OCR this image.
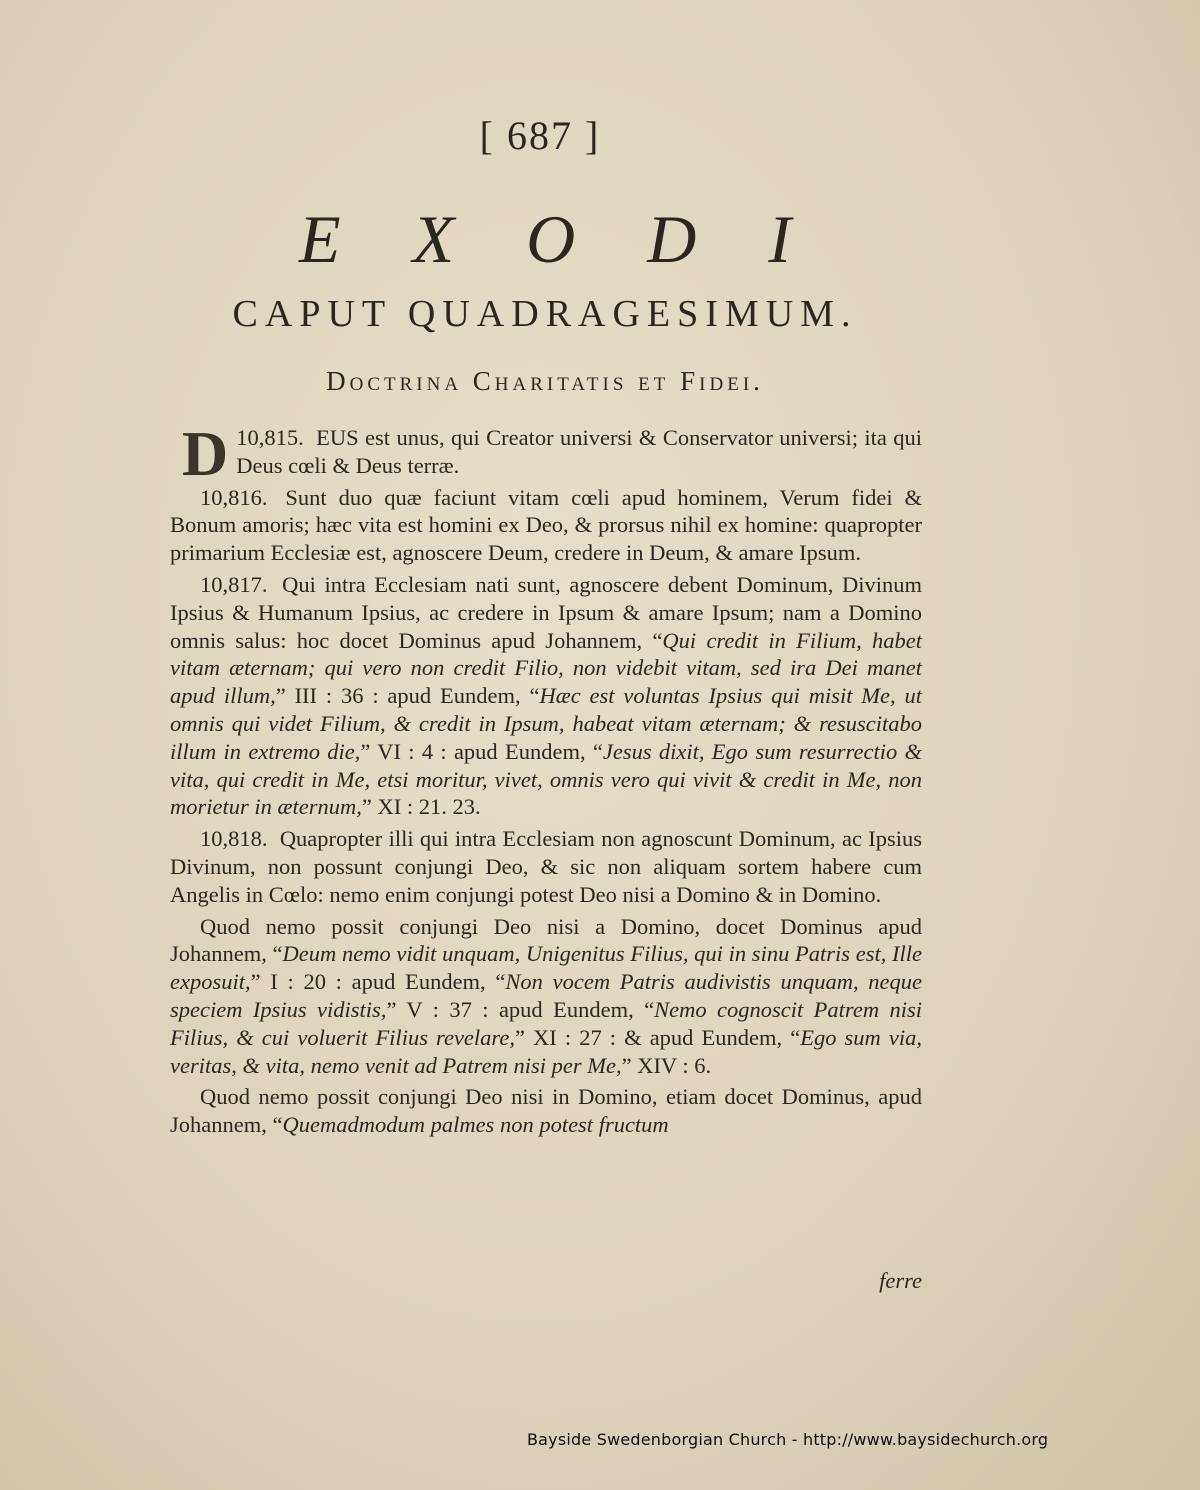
[ 687 ]
EXODI
CAPUT QUADRAGESIMUM.
Doctrina Charitatis et Fidei.

10,815.
D	EUS est unus, qui Creator universi & Conservator universi; ita qui Deus cœli & Deus terræ.

10,816. Sunt duo quæ faciunt vitam cœli apud hominem, Verum fidei & Bonum amoris; hæc vita est homini ex Deo, & prorsus nihil ex homine: quapropter primarium Ecclesiæ est, agnoscere Deum, credere in Deum, & amare Ipsum.

10,817. Qui intra Ecclesiam nati sunt, agnoscere debent Dominum, Divinum Ipsius & Humanum Ipsius, ac credere in Ipsum & amare Ipsum; nam a Domino omnis salus: hoc docet Dominus apud Johannem, “Qui credit in Filium, habet vitam æternam; qui vero non credit Filio, non videbit vitam, sed ira Dei manet apud illum,” III : 36 : apud Eundem, “Hæc est voluntas Ipsius qui misit Me, ut omnis qui videt Filium, & credit in Ipsum, habeat vitam æternam; & resuscitabo illum in extremo die,” VI : 4 : apud Eundem, “Jesus dixit, Ego sum resurrectio & vita, qui credit in Me, etsi moritur, vivet, omnis vero qui vivit & credit in Me, non morietur in æternum,” XI : 21. 23.

10,818. Quapropter illi qui intra Ecclesiam non agnoscunt Dominum, ac Ipsius Divinum, non possunt conjungi Deo, & sic non aliquam sortem habere cum Angelis in Cœlo: nemo enim conjungi potest Deo nisi a Domino & in Domino.

Quod nemo possit conjungi Deo nisi a Domino, docet Dominus apud Johannem, “Deum nemo vidit unquam, Unigenitus Filius, qui in sinu Patris est, Ille exposuit,” I : 20 : apud Eundem, “Non vocem Patris audivistis unquam, neque speciem Ipsius vidistis,” V : 37 : apud Eundem, “Nemo cognoscit Patrem nisi Filius, & cui voluerit Filius revelare,” XI : 27 : & apud Eundem, “Ego sum via, veritas, & vita, nemo venit ad Patrem nisi per Me,” XIV : 6.

Quod nemo possit conjungi Deo nisi in Domino, etiam docet Dominus, apud Johannem, “Quemadmodum palmes non potest fructum

ferre
Bayside Swedenborgian Church - http://www.baysidechurch.org
